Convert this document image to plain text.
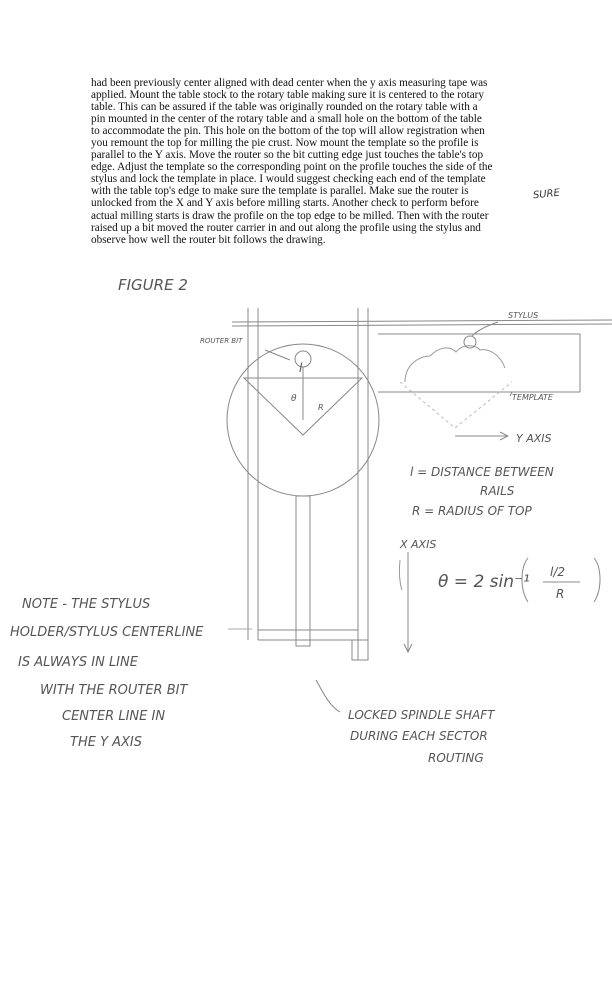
had been previously center aligned with dead center when the y axis measuring tape was
applied. Mount the table stock to the rotary table making sure it is centered to the rotary
table. This can be assured if the table was originally rounded on the rotary table with a
pin mounted in the center of the rotary table and a small hole on the bottom of the table
to accommodate the pin. This hole on the bottom of the top will allow registration when
you remount the top for milling the pie crust. Now mount the template so the profile is
parallel to the Y axis. Move the router so the bit cutting edge just touches the table's top
edge. Adjust the template so the corresponding point on the profile touches the side of the
stylus and lock the template in place. I would suggest checking each end of the template
with the table top's edge to make sure the template is parallel. Make sue the router is
unlocked from the X and Y axis before milling starts. Another check to perform before
actual milling starts is draw the profile on the top edge to be milled. Then with the router
raised up a bit moved the router carrier in and out along the profile using the stylus and
observe how well the router bit follows the drawing.
SURE
FIGURE 2
ROUTER BIT
STYLUS
TEMPLATE
Y AXIS
X AXIS
l
θ
R
l = DISTANCE BETWEEN
RAILS
R = RADIUS OF TOP
θ = 2 sin⁻¹ l/2
R
NOTE - THE STYLUS
HOLDER/STYLUS CENTERLINE
IS ALWAYS IN LINE
WITH THE ROUTER BIT
CENTER LINE IN
THE Y AXIS
LOCKED SPINDLE SHAFT
DURING EACH SECTOR
ROUTING
